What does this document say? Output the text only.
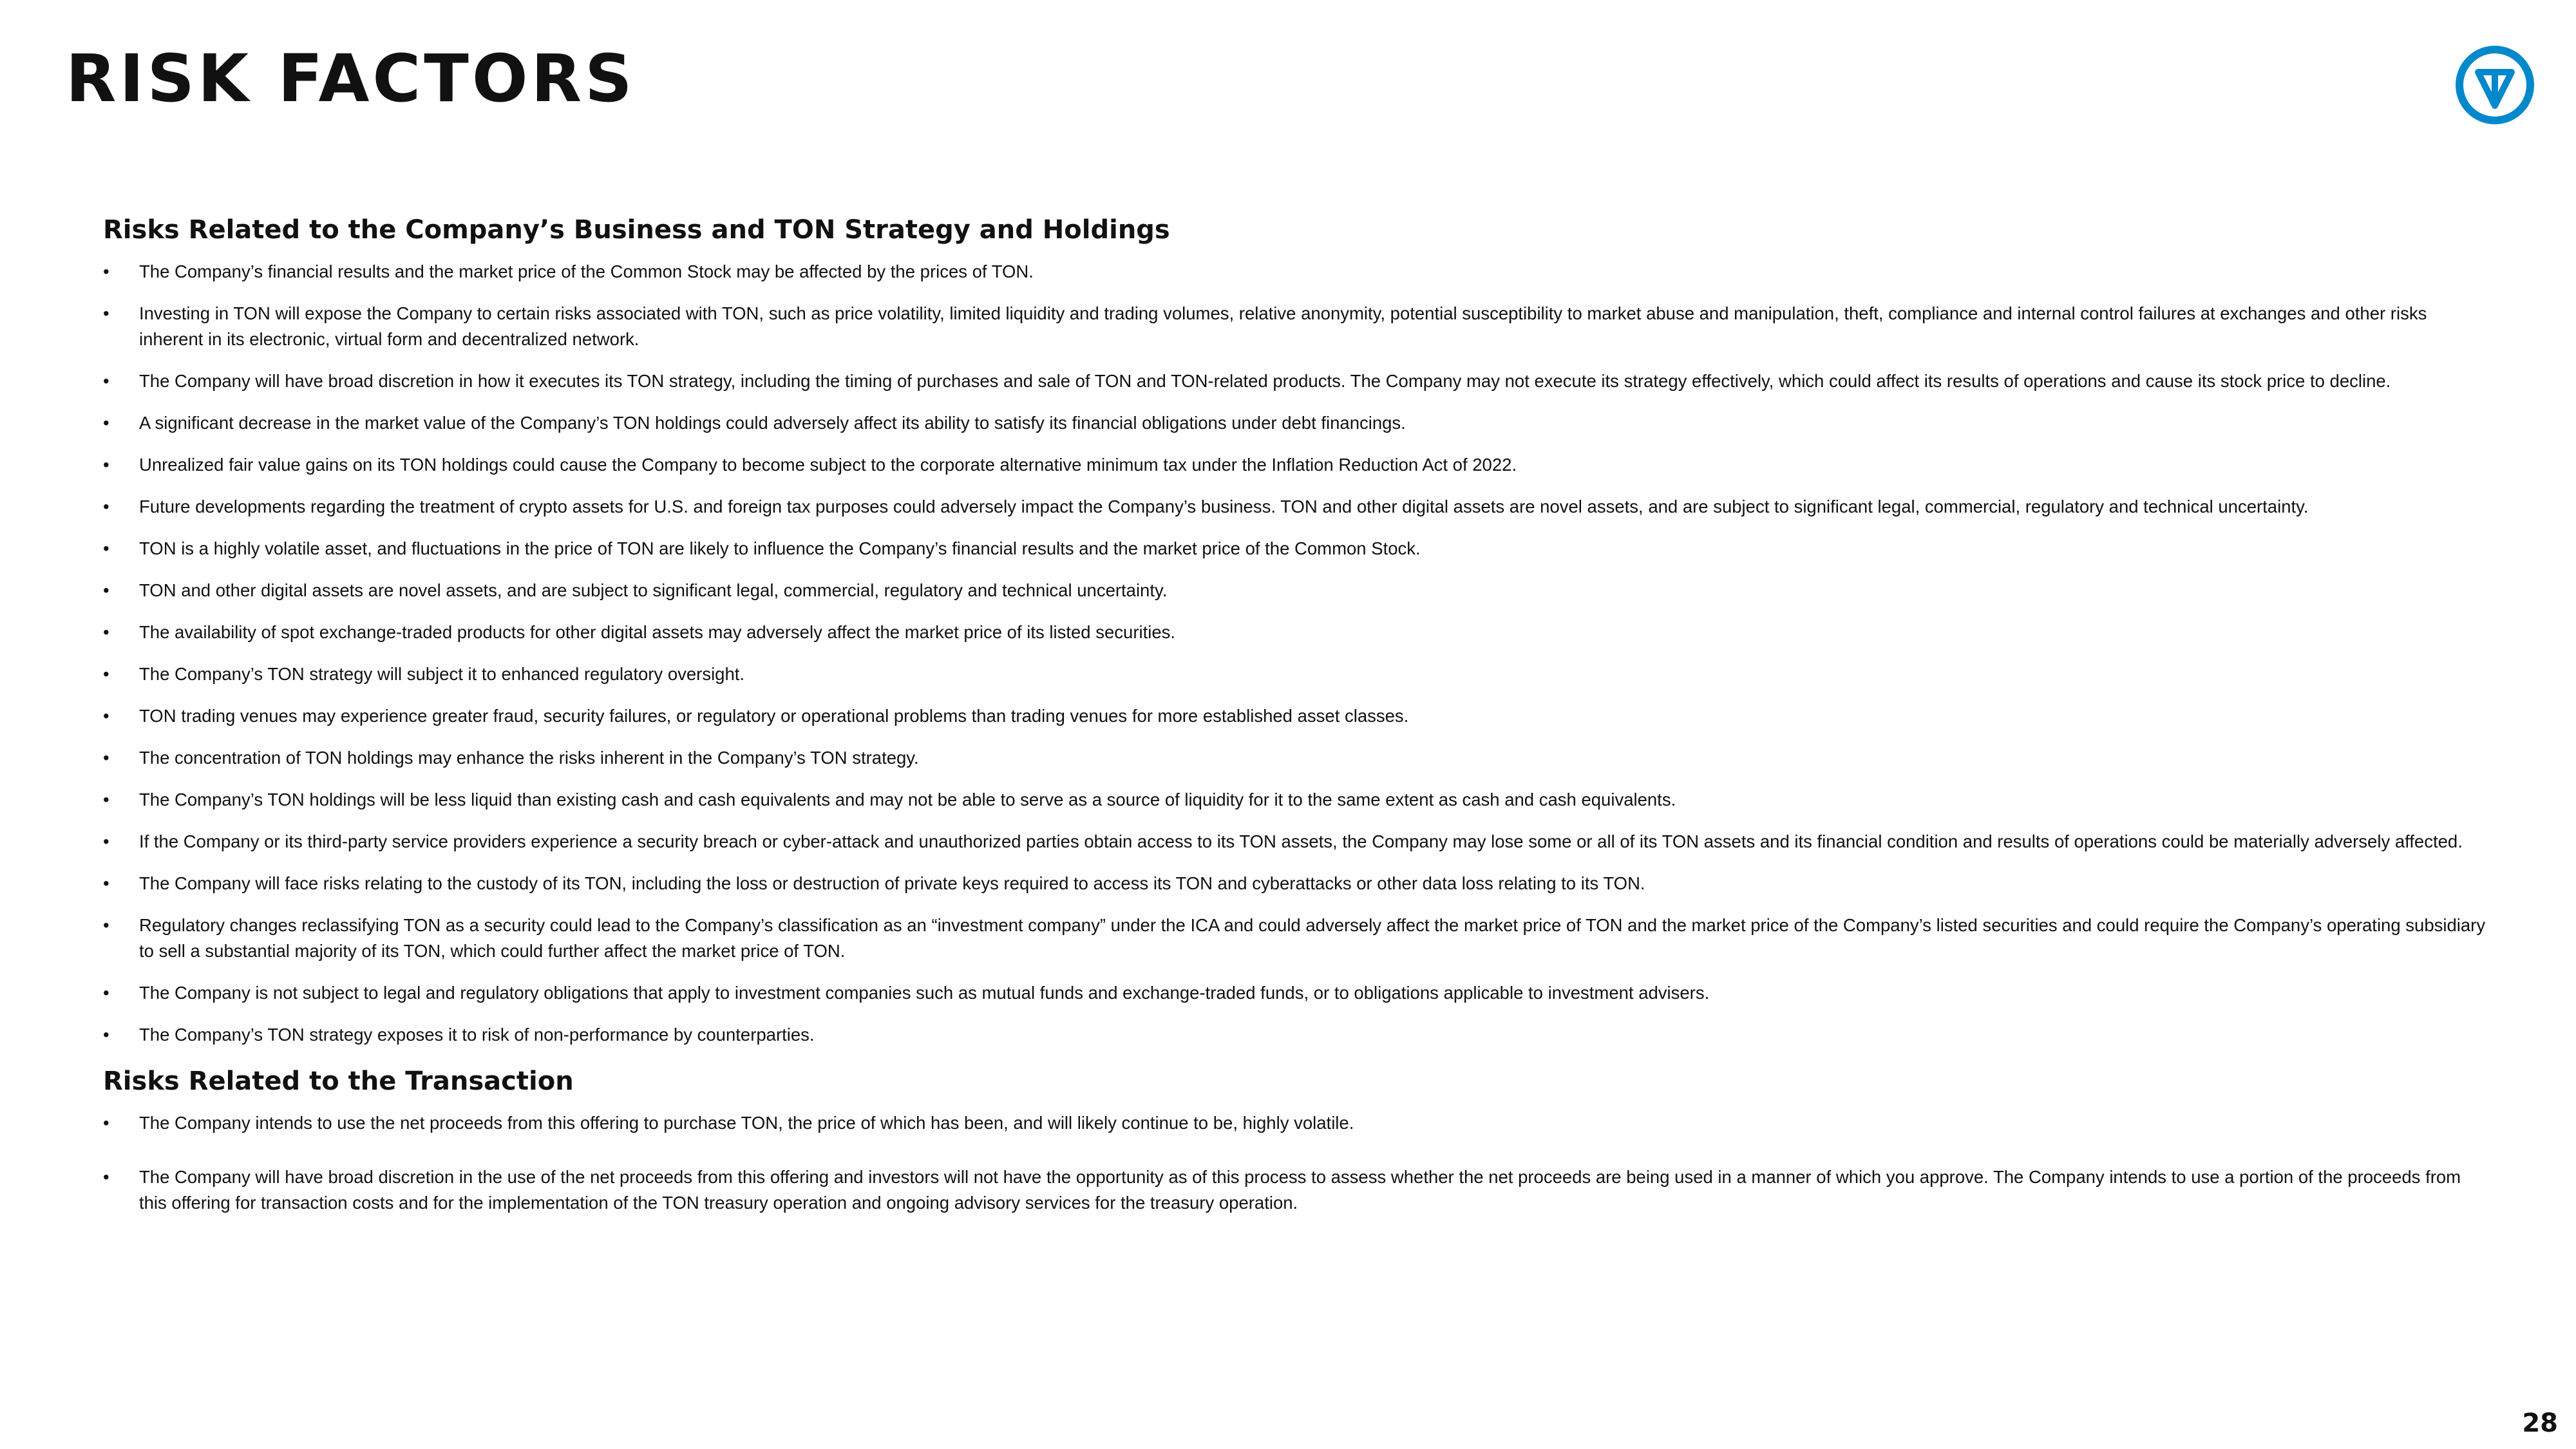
RISK FACTORS
Risks Related to the Company’s Business and TON Strategy and Holdings
•	The Company’s financial results and the market price of the Common Stock may be affected by the prices of TON.
•	Investing in TON will expose the Company to certain risks associated with TON, such as price volatility, limited liquidity and trading volumes, relative anonymity, potential susceptibility to market abuse and manipulation, theft, compliance and internal control failures at exchanges and other risks inherent in its electronic, virtual form and decentralized network.
•	The Company will have broad discretion in how it executes its TON strategy, including the timing of purchases and sale of TON and TON-related products. The Company may not execute its strategy effectively, which could affect its results of operations and cause its stock price to decline.
•	A significant decrease in the market value of the Company’s TON holdings could adversely affect its ability to satisfy its financial obligations under debt financings.
•	Unrealized fair value gains on its TON holdings could cause the Company to become subject to the corporate alternative minimum tax under the Inflation Reduction Act of 2022.
•	Future developments regarding the treatment of crypto assets for U.S. and foreign tax purposes could adversely impact the Company’s business. TON and other digital assets are novel assets, and are subject to significant legal, commercial, regulatory and technical uncertainty.
•	TON is a highly volatile asset, and fluctuations in the price of TON are likely to influence the Company’s financial results and the market price of the Common Stock.
•	TON and other digital assets are novel assets, and are subject to significant legal, commercial, regulatory and technical uncertainty.
•	The availability of spot exchange-traded products for other digital assets may adversely affect the market price of its listed securities.
•	The Company’s TON strategy will subject it to enhanced regulatory oversight.
•	TON trading venues may experience greater fraud, security failures, or regulatory or operational problems than trading venues for more established asset classes.
•	The concentration of TON holdings may enhance the risks inherent in the Company’s TON strategy.
•	The Company’s TON holdings will be less liquid than existing cash and cash equivalents and may not be able to serve as a source of liquidity for it to the same extent as cash and cash equivalents.
•	If the Company or its third-party service providers experience a security breach or cyber-attack and unauthorized parties obtain access to its TON assets, the Company may lose some or all of its TON assets and its financial condition and results of operations could be materially adversely affected.
•	The Company will face risks relating to the custody of its TON, including the loss or destruction of private keys required to access its TON and cyberattacks or other data loss relating to its TON.
•	Regulatory changes reclassifying TON as a security could lead to the Company’s classification as an “investment company” under the ICA and could adversely affect the market price of TON and the market price of the Company’s listed securities and could require the Company’s operating subsidiary to sell a substantial majority of its TON, which could further affect the market price of TON.
•	The Company is not subject to legal and regulatory obligations that apply to investment companies such as mutual funds and exchange-traded funds, or to obligations applicable to investment advisers.
•	The Company’s TON strategy exposes it to risk of non-performance by counterparties.
Risks Related to the Transaction
•	The Company intends to use the net proceeds from this offering to purchase TON, the price of which has been, and will likely continue to be, highly volatile.
•	The Company will have broad discretion in the use of the net proceeds from this offering and investors will not have the opportunity as of this process to assess whether the net proceeds are being used in a manner of which you approve. The Company intends to use a portion of the proceeds from this offering for transaction costs and for the implementation of the TON treasury operation and ongoing advisory services for the treasury operation.
28
